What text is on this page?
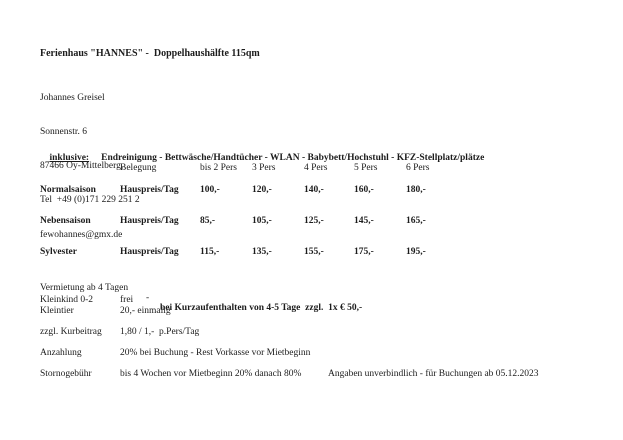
Ferienhaus "HANNES" -  Doppelhaushälfte 115qm

Johannes Greisel

Sonnenstr. 6

87466 Oy-Mittelberg,

Tel  +49 (0)171 229 251 2

fewohannes@gmx.de

inklusive: Endreinigung - Bettwäsche/Handtücher - WLAN - Babybett/Hochstuhl - KFZ-Stellplatz/plätze

Belegung	bis 2 Pers	3 Pers	4 Pers	5 Pers	6 Pers
Normalsaison	Hauspreis/Tag	100,-	120,-	140,-	160,-	180,-
Nebensaison	Hauspreis/Tag	85,-	105,-	125,-	145,-	165,-
Sylvester	Hauspreis/Tag	115,-	135,-	155,-	175,-	195,-

Vermietung ab 4 Tagen

-

bei Kurzaufenthalten von 4-5 Tage  zzgl.  1x € 50,-

Kleinkind 0-2	frei
Kleintier	20,- einmalig
zzgl. Kurbeitrag	1,80 / 1,-  p.Pers/Tag
Anzahlung	20% bei Buchung - Rest Vorkasse vor Mietbeginn
Stornogebühr	bis 4 Wochen vor Mietbeginn 20% danach 80%	Angaben unverbindlich - für Buchungen ab 05.12.2023
